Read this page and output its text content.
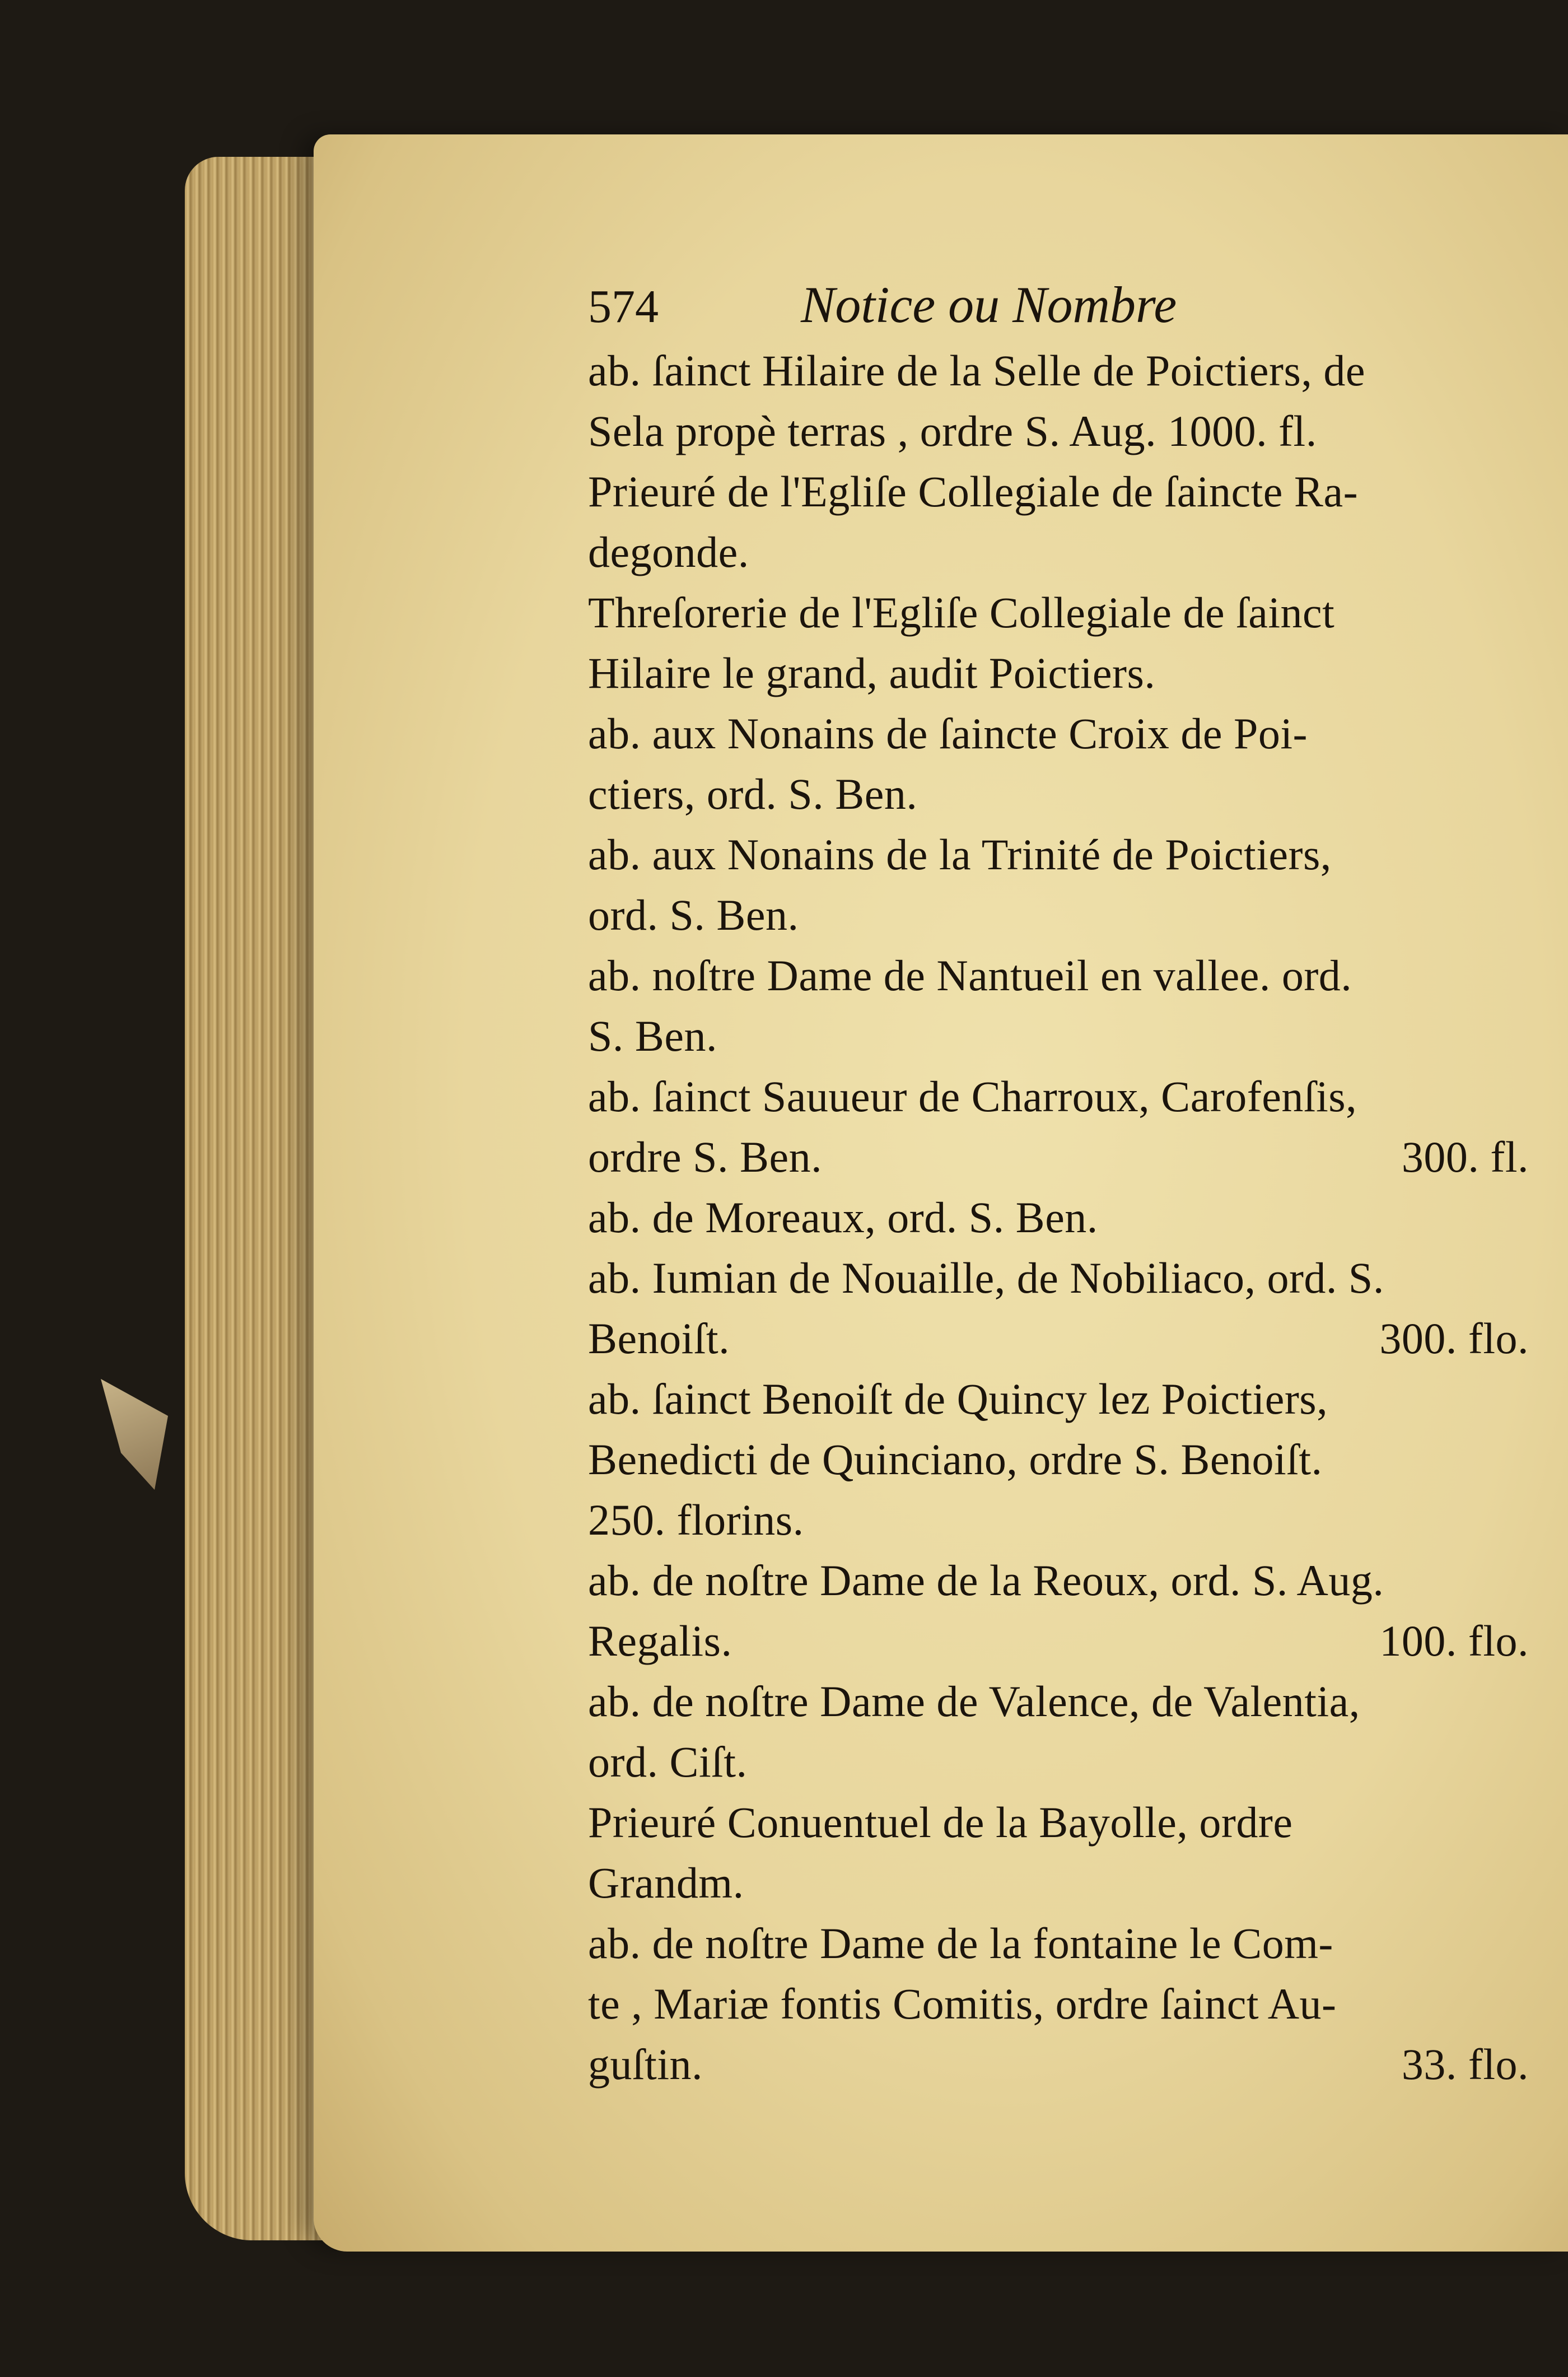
574	Notice ou Nombre
ab. ſainct Hilaire de la Selle de Poictiers, de
Sela propè terras , ordre S. Aug. 1000. fl.
Prieuré de l'Egliſe Collegiale de ſaincte Ra-
degonde.
Threſorerie de l'Egliſe Collegiale de ſainct
Hilaire le grand, audit Poictiers.
ab. aux Nonains de ſaincte Croix de Poi-
ctiers, ord. S. Ben.
ab. aux Nonains de la Trinité de Poictiers,
ord. S. Ben.
ab. noſtre Dame de Nantueil en vallee. ord.
S. Ben.
ab. ſainct Sauueur de Charroux, Carofenſis,
ordre S. Ben.	300. fl.
ab. de Moreaux, ord. S. Ben.
ab. Iumian de Nouaille, de Nobiliaco, ord. S.
Benoiſt.	300. flo.
ab. ſainct Benoiſt de Quincy lez Poictiers,
Benedicti de Quinciano, ordre S. Benoiſt.
250. florins.
ab. de noſtre Dame de la Reoux, ord. S. Aug.
Regalis.	100. flo.
ab. de noſtre Dame de Valence, de Valentia,
ord. Ciſt.
Prieuré Conuentuel de la Bayolle, ordre
Grandm.
ab. de noſtre Dame de la fontaine le Com-
te , Mariæ fontis Comitis, ordre ſainct Au-
guſtin.	33. flo.
